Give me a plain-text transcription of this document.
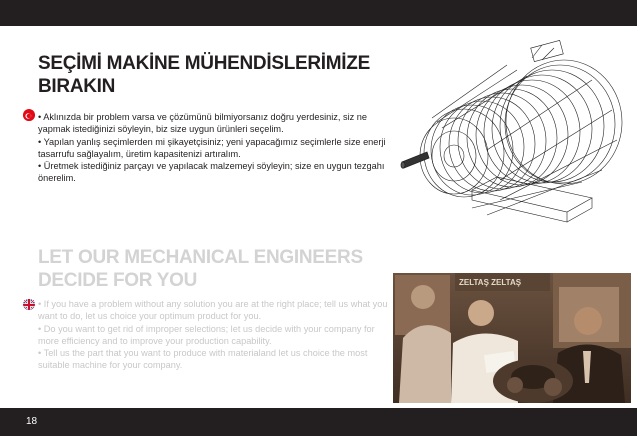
SEÇİMİ MAKİNE MÜHENDİSLERİMİZE BIRAKIN

• Aklınızda bir problem varsa ve çözümünü bilmiyorsanız doğru yerdesiniz, siz ne yapmak istediğinizi söyleyin, biz size uygun ürünleri seçelim.

• Yapılan yanlış seçimlerden mi şikayetçisiniz; yeni yapacağımız seçimlerle size enerji tasarrufu sağlayalım, üretim kapasitenizi artıralım.

• Üretmek istediğiniz parçayı ve yapılacak malzemeyi söyleyin; size en uygun tezgahı önerelim.

LET OUR MECHANICAL ENGINEERS DECIDE FOR YOU

• If you have a problem without any solution you are at the right place; tell us what you want to do, let us choice your optimum product for you.

• Do you want to get rid of improper selections; let us decide with your company for more efficiency and to improve your production capability.

• Tell us the part that you want to produce with materialand let us choice the most suitable machine for your company.

ZELTAŞ ZELTAŞ
18
